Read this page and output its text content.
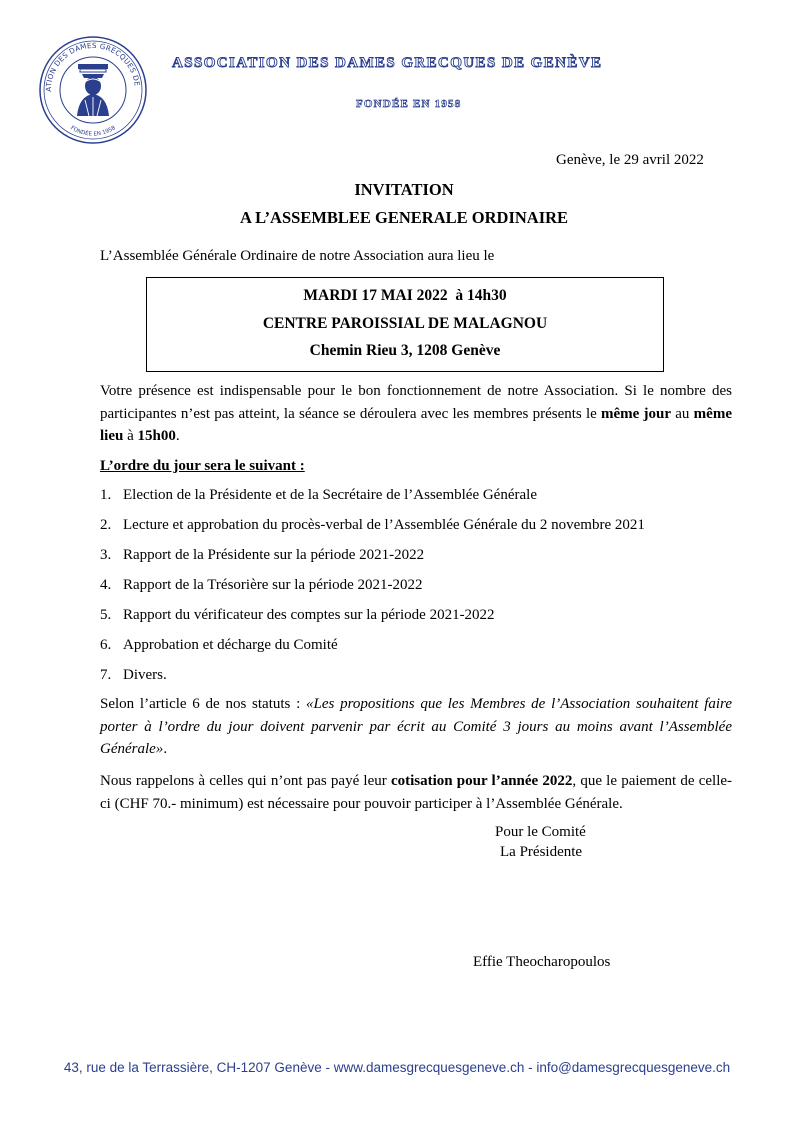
ATION DES DAMES GRECQUES DE
FONDÉE EN 1958
ASSOCIATION DES DAMES GRECQUES DE GENÈVE
FONDÉE EN 1958
Genève, le 29 avril 2022
INVITATION
A L’ASSEMBLEE GENERALE ORDINAIRE
L’Assemblée Générale Ordinaire de notre Association aura lieu le
MARDI 17 MAI 2022  à 14h30
CENTRE PAROISSIAL DE MALAGNOU
Chemin Rieu 3, 1208 Genève
Votre présence est indispensable pour le bon fonctionnement de notre Association. Si le nombre des participantes n’est pas atteint, la séance se déroulera avec les membres présents le même jour au même lieu à 15h00.
L’ordre du jour sera le suivant :
1. Election de la Présidente et de la Secrétaire de l’Assemblée Générale
2. Lecture et approbation du procès-verbal de l’Assemblée Générale du 2 novembre 2021
3. Rapport de la Présidente sur la période 2021-2022
4. Rapport de la Trésorière sur la période 2021-2022
5. Rapport du vérificateur des comptes sur la période 2021-2022
6. Approbation et décharge du Comité
7. Divers.
Selon l’article 6 de nos statuts : «Les propositions que les Membres de l’Association souhaitent faire porter à l’ordre du jour doivent parvenir par écrit au Comité 3 jours au moins avant l’Assemblée Générale».
Nous rappelons à celles qui n’ont pas payé leur cotisation pour l’année 2022, que le paiement de celle-ci (CHF 70.- minimum) est nécessaire pour pouvoir participer à l’Assemblée Générale.
Pour le Comité
La Présidente
Effie Theocharopoulos
43, rue de la Terrassière, CH-1207 Genève - www.damesgrecquesgeneve.ch - info@damesgrecquesgeneve.ch
